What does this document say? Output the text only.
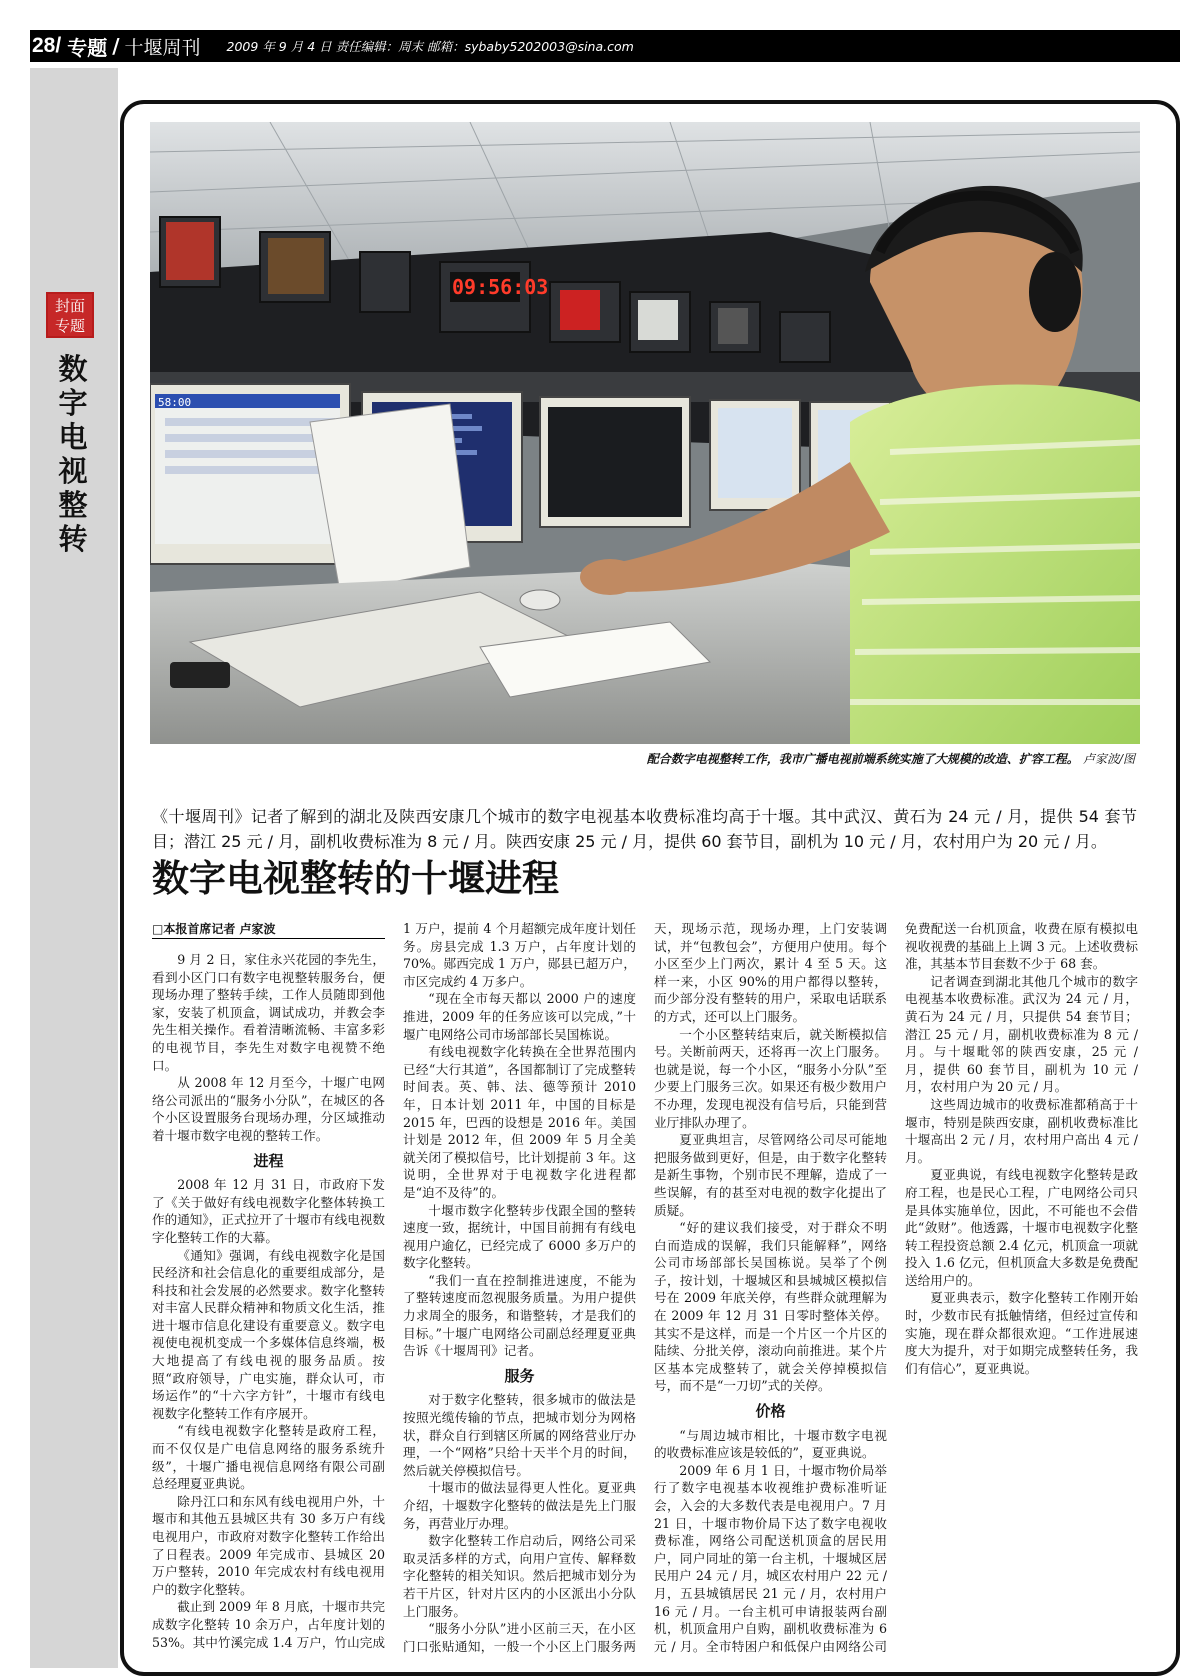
28/ 专题 / 十堰周刊 2009 年 9 月 4 日 责任编辑：周末 邮箱：sybaby5202003@sina.com
封面专题
数字电视整转
09:56:03
58:00
配合数字电视整转工作，我市广播电视前端系统实施了大规模的改造、扩容工程。 卢家波/图
《十堰周刊》记者了解到的湖北及陕西安康几个城市的数字电视基本收费标准均高于十堰。其中武汉、黄石为 24 元 / 月，提供 54 套节目；潜江 25 元 / 月，副机收费标准为 8 元 / 月。陕西安康 25 元 / 月，提供 60 套节目，副机为 10 元 / 月，农村用户为 20 元 / 月。
数字电视整转的十堰进程
□本报首席记者 卢家波

9 月 2 日，家住永兴花园的李先生，看到小区门口有数字电视整转服务台，便现场办理了整转手续，工作人员随即到他家，安装了机顶盒，调试成功，并教会李先生相关操作。看着清晰流畅、丰富多彩的电视节目，李先生对数字电视赞不绝口。

从 2008 年 12 月至今，十堰广电网络公司派出的“服务小分队”，在城区的各个小区设置服务台现场办理，分区域推动着十堰市数字电视的整转工作。

进程

2008 年 12 月 31 日，市政府下发了《关于做好有线电视数字化整体转换工作的通知》，正式拉开了十堰市有线电视数字化整转工作的大幕。

《通知》强调，有线电视数字化是国民经济和社会信息化的重要组成部分，是科技和社会发展的必然要求。数字化整转对丰富人民群众精神和物质文化生活，推进十堰市信息化建设有重要意义。数字电视使电视机变成一个多媒体信息终端，极大地提高了有线电视的服务品质。按照“政府领导，广电实施，群众认可，市场运作”的“十六字方针”，十堰市有线电视数字化整转工作有序展开。

“有线电视数字化整转是政府工程，而不仅仅是广电信息网络的服务系统升级”，十堰广播电视信息网络有限公司副总经理夏亚典说。

除丹江口和东风有线电视用户外，十堰市和其他五县城区共有 30 多万户有线电视用户，市政府对数字化整转工作给出了日程表。2009 年完成市、县城区 20 万户整转，2010 年完成农村有线电视用户的数字化整转。

截止到 2009 年 8 月底，十堰市共完成数字化整转 10 余万户，占年度计划的 53%。其中竹溪完成 1.4 万户，竹山完成 1 万户，提前 4 个月超额完成年度计划任务。房县完成 1.3 万户，占年度计划的 70%。郧西完成 1 万户，郧县已超万户，市区完成约 4 万多户。

“现在全市每天都以 2000 户的速度推进，2009 年的任务应该可以完成，”十堰广电网络公司市场部部长吴国栋说。

有线电视数字化转换在全世界范围内已经“大行其道”，各国都制订了完成整转时间表。英、韩、法、德等预计 2010 年，日本计划 2011 年，中国的目标是 2015 年，巴西的设想是 2016 年。美国计划是 2012 年，但 2009 年 5 月全美就关闭了模拟信号，比计划提前 3 年。这说明，全世界对于电视数字化进程都是“迫不及待”的。

十堰市数字化整转步伐跟全国的整转速度一致，据统计，中国目前拥有有线电视用户逾亿，已经完成了 6000 多万户的数字化整转。

“我们一直在控制推进速度，不能为了整转速度而忽视服务质量。为用户提供力求周全的服务，和谐整转，才是我们的目标。”十堰广电网络公司副总经理夏亚典告诉《十堰周刊》记者。

服务

对于数字化整转，很多城市的做法是按照光缆传输的节点，把城市划分为网格状，群众自行到辖区所属的网络营业厅办理，一个“网格”只给十天半个月的时间，然后就关停模拟信号。

十堰市的做法显得更人性化。夏亚典介绍，十堰数字化整转的做法是先上门服务，再营业厅办理。

数字化整转工作启动后，网络公司采取灵活多样的方式，向用户宣传、解释数字化整转的相关知识。然后把城市划分为若干片区，针对片区内的小区派出小分队上门服务。

“服务小分队”进小区前三天，在小区门口张贴通知，一般一个小区上门服务两天，现场示范，现场办理，上门安装调试，并“包教包会”，方便用户使用。每个小区至少上门两次，累计 4 至 5 天。这样一来，小区 90%的用户都得以整转，而少部分没有整转的用户，采取电话联系的方式，还可以上门服务。

一个小区整转结束后，就关断模拟信号。关断前两天，还将再一次上门服务。也就是说，每一个小区，“服务小分队”至少要上门服务三次。如果还有极少数用户不办理，发现电视没有信号后，只能到营业厅排队办理了。

夏亚典坦言，尽管网络公司尽可能地把服务做到更好，但是，由于数字化整转是新生事物，个别市民不理解，造成了一些误解，有的甚至对电视的数字化提出了质疑。

“好的建议我们接受，对于群众不明白而造成的误解，我们只能解释”，网络公司市场部部长吴国栋说。吴举了个例子，按计划，十堰城区和县城城区模拟信号在 2009 年底关停，有些群众就理解为在 2009 年 12 月 31 日零时整体关停。其实不是这样，而是一个片区一个片区的陆续、分批关停，滚动向前推进。某个片区基本完成整转了，就会关停掉模拟信号，而不是“一刀切”式的关停。

价格

“与周边城市相比，十堰市数字电视的收费标准应该是较低的”，夏亚典说。

2009 年 6 月 1 日，十堰市物价局举行了数字电视基本收视维护费标准听证会，入会的大多数代表是电视用户。7 月 21 日，十堰市物价局下达了数字电视收费标准，网络公司配送机顶盒的居民用户，同户同址的第一台主机，十堰城区居民用户 24 元 / 月，城区农村用户 22 元 / 月，五县城镇居民 21 元 / 月，农村用户 16 元 / 月。一台主机可申请报装两台副机，机顶盒用户自购，副机收费标准为 6 元 / 月。全市特困户和低保户由网络公司免费配送一台机顶盒，收费在原有模拟电视收视费的基础上上调 3 元。上述收费标准，其基本节目套数不少于 68 套。

记者调查到湖北其他几个城市的数字电视基本收费标准。武汉为 24 元 / 月，黄石为 24 元 / 月，只提供 54 套节目；潜江 25 元 / 月，副机收费标准为 8 元 / 月。与十堰毗邻的陕西安康，25 元 / 月，提供 60 套节目，副机为 10 元 / 月，农村用户为 20 元 / 月。

这些周边城市的收费标准都稍高于十堰市，特别是陕西安康，副机收费标准比十堰高出 2 元 / 月，农村用户高出 4 元 / 月。

夏亚典说，有线电视数字化整转是政府工程，也是民心工程，广电网络公司只是具体实施单位，因此，不可能也不会借此“敛财”。他透露，十堰市电视数字化整转工程投资总额 2.4 亿元，机顶盒一项就投入 1.6 亿元，但机顶盒大多数是免费配送给用户的。

夏亚典表示，数字化整转工作刚开始时，少数市民有抵触情绪，但经过宣传和实施，现在群众都很欢迎。“工作进展速度大为提升，对于如期完成整转任务，我们有信心”，夏亚典说。
